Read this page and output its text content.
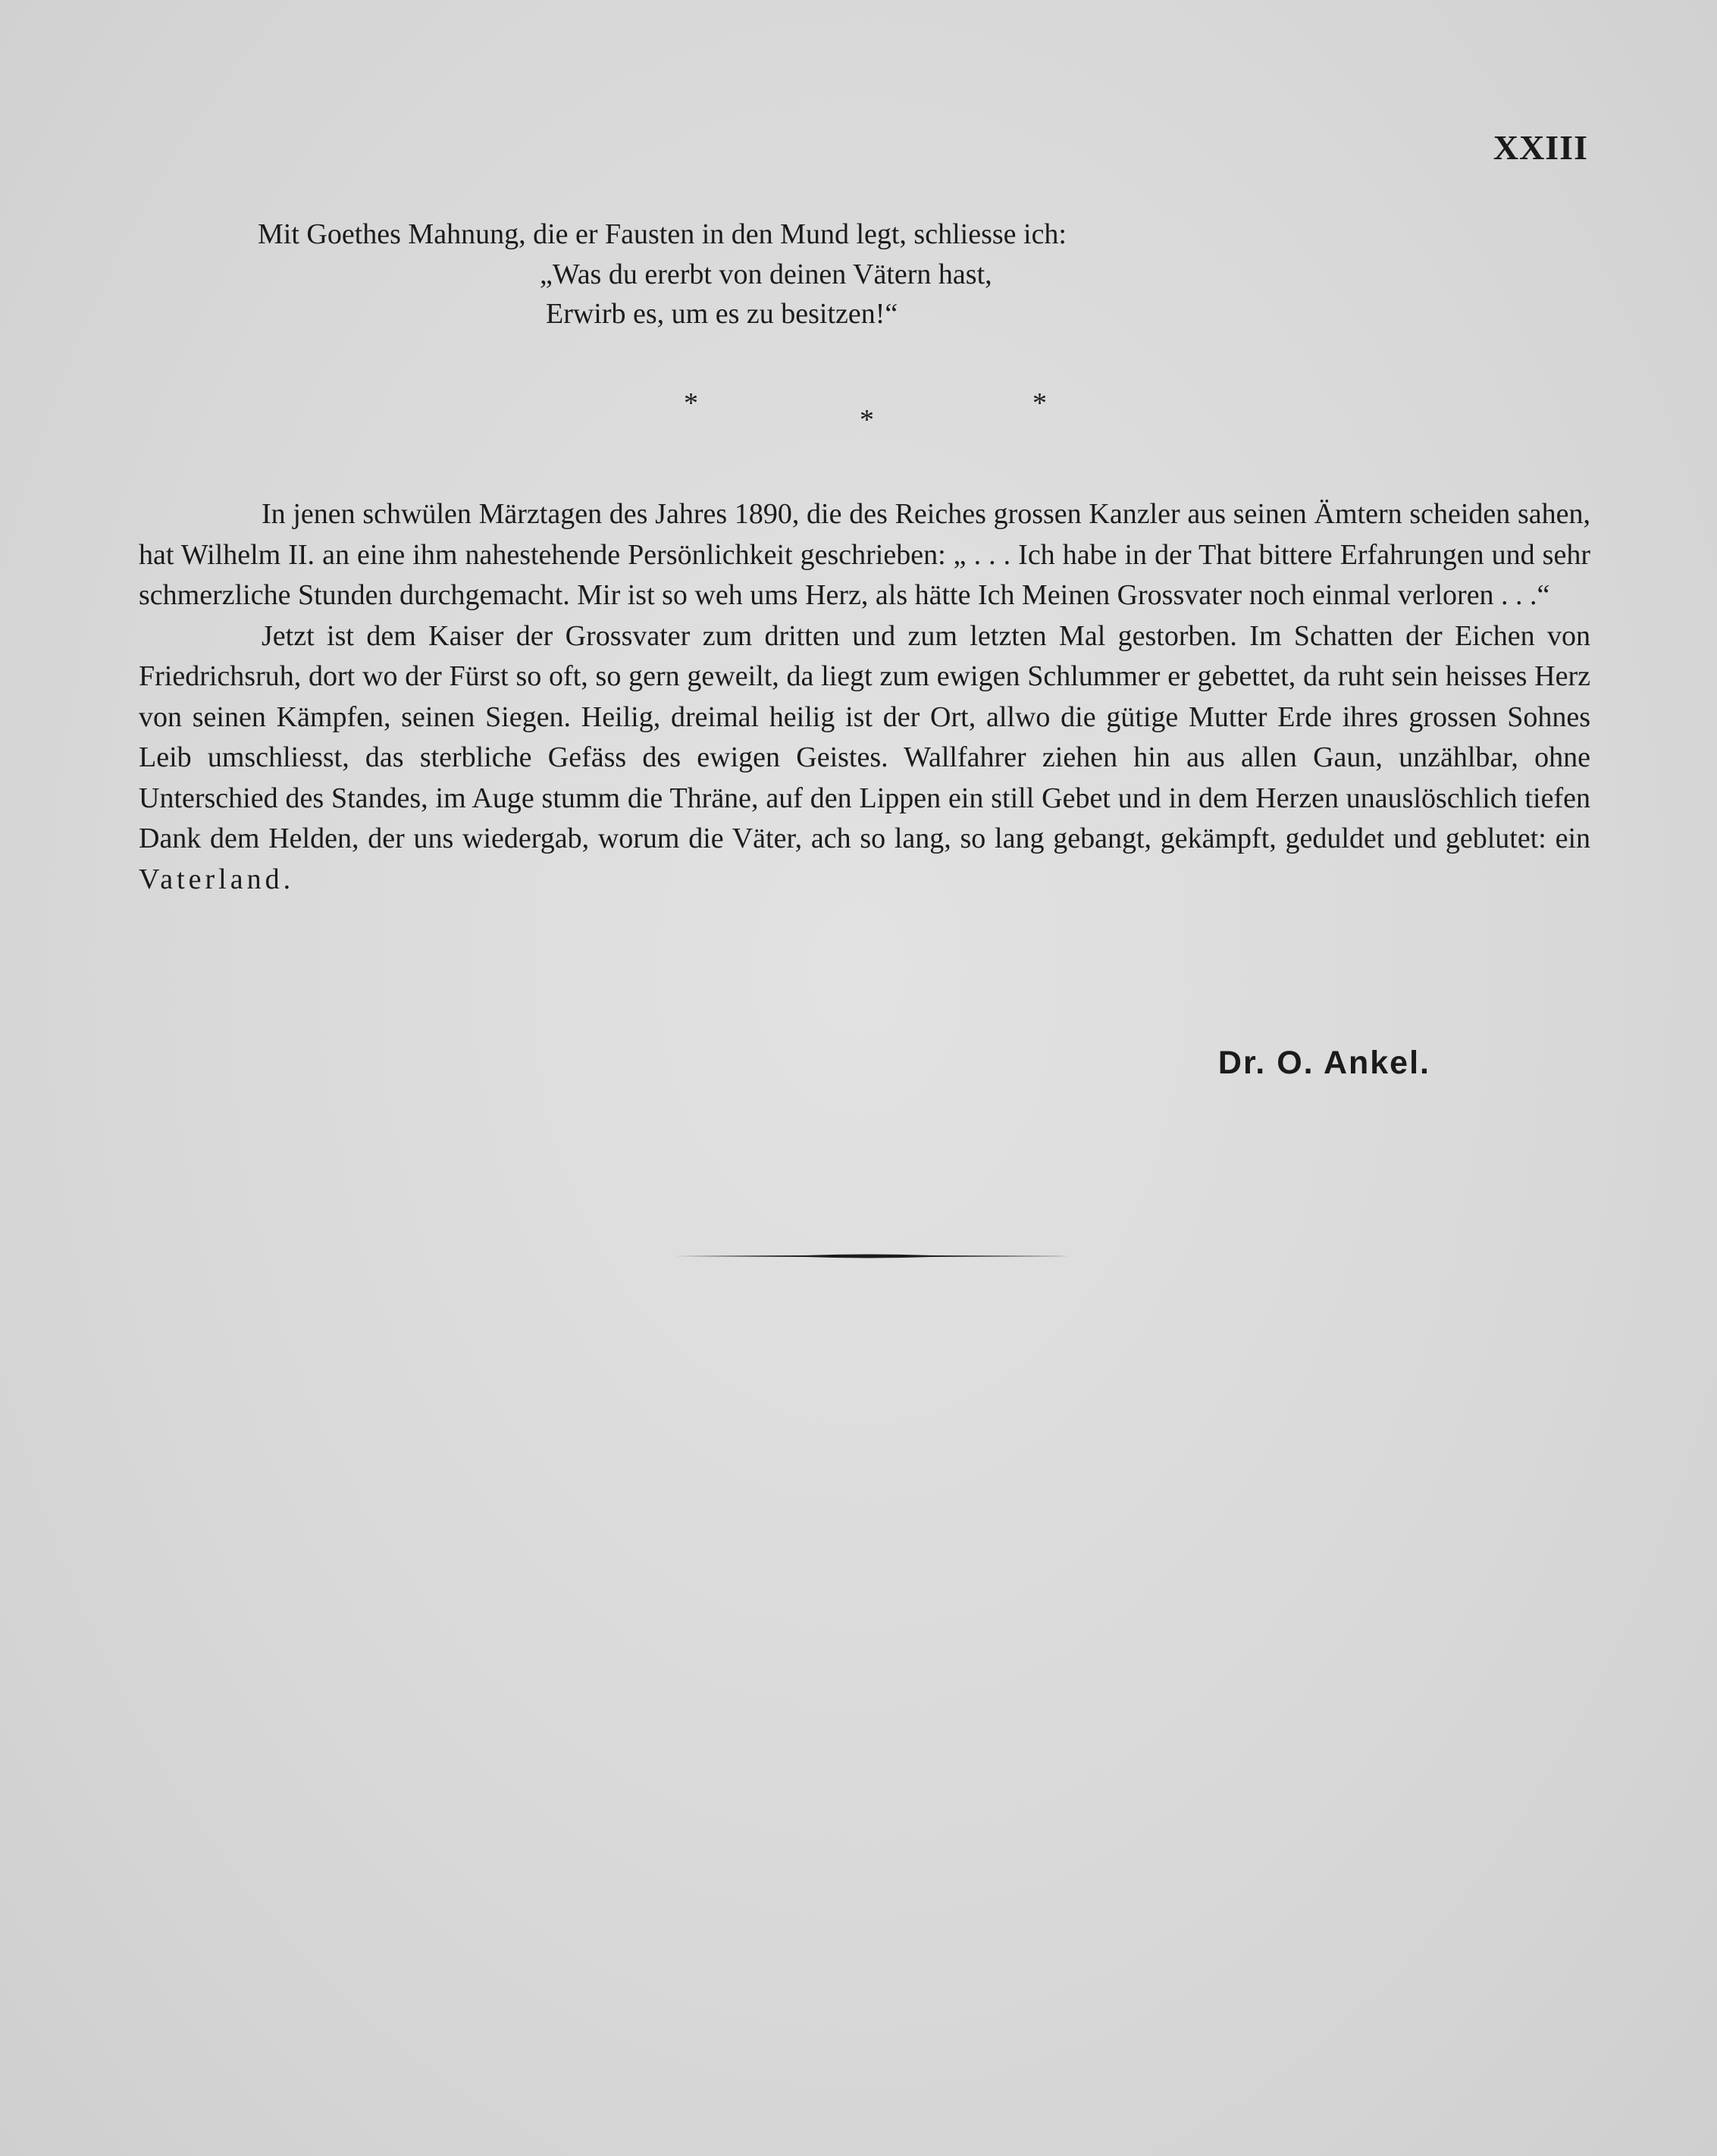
XXIII
Mit Goethes Mahnung, die er Fausten in den Mund legt, schliesse ich:
„Was du ererbt von deinen Vätern hast,
Erwirb es, um es zu besitzen!“
*
*
*

In jenen schwülen Märztagen des Jahres 1890, die des Reiches grossen Kanzler aus seinen Ämtern scheiden sahen, hat Wilhelm II. an eine ihm nahestehende Persönlichkeit geschrieben: „ . . . Ich habe in der That bittere Erfahrungen und sehr schmerzliche Stunden durchgemacht. Mir ist so weh ums Herz, als hätte Ich Meinen Grossvater noch einmal verloren . . .“

Jetzt ist dem Kaiser der Grossvater zum dritten und zum letzten Mal gestorben. Im Schatten der Eichen von Friedrichsruh, dort wo der Fürst so oft, so gern geweilt, da liegt zum ewigen Schlummer er gebettet, da ruht sein heisses Herz von seinen Kämpfen, seinen Siegen. Heilig, dreimal heilig ist der Ort, allwo die gütige Mutter Erde ihres grossen Sohnes Leib umschliesst, das sterbliche Gefäss des ewigen Geistes. Wallfahrer ziehen hin aus allen Gaun, unzählbar, ohne Unterschied des Standes, im Auge stumm die Thräne, auf den Lippen ein still Gebet und in dem Herzen unauslöschlich tiefen Dank dem Helden, der uns wiedergab, worum die Väter, ach so lang, so lang gebangt, gekämpft, geduldet und geblutet: ein Vaterland.

Dr. O. Ankel.
